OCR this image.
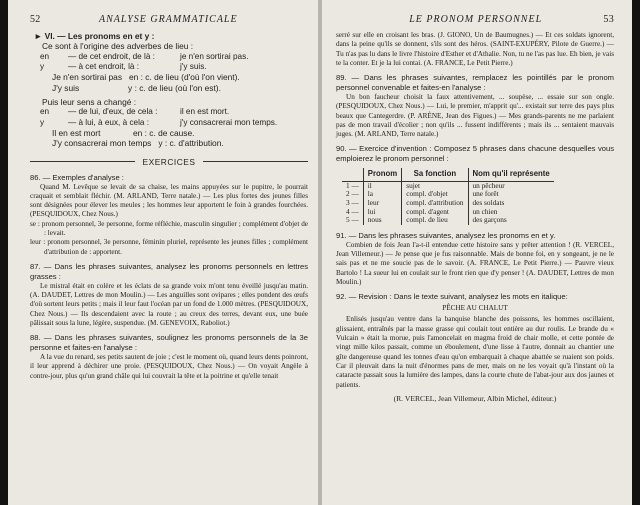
52	ANALYSE GRAMMATICALE
► VI. — Les pronoms en et y :
Ce sont à l'origine des adverbes de lieu :
en	— de cet endroit, de là :	je n'en sortirai pas.
y	— à cet endroit, là :	j'y suis.
Je n'en sortirai pas   en : c. de lieu (d'où l'on vient).
J'y suis                     y : c. de lieu (où l'on est).
Puis leur sens a changé :
en	— de lui, d'eux, de cela :	il en est mort.
y	— à lui, à eux, à cela :	j'y consacrerai mon temps.
Il en est mort              en : c. de cause.
J'y consacrerai mon temps   y : c. d'attribution.
EXERCICES
86. — Exemples d'analyse :
Quand M. Levêque se levait de sa chaise, les mains appuyées sur le pupitre, le pourrait craquait et semblait fléchir. (M. ARLAND, Terre natale.) — Les plus fortes des jeunes filles sont désignées pour élever les meules ; les hommes leur apportent le foin à grandes fourchées. (PESQUIDOUX, Chez Nous.)
se : pronom personnel, 3e personne, forme réfléchie, masculin singulier ; complément d'objet de : levait.
leur : pronom personnel, 3e personne, féminin pluriel, représente les jeunes filles ; complément d'attribution de : apportent.
87. — Dans les phrases suivantes, analysez les pronoms personnels en lettres grasses :
Le mistral était en colère et les éclats de sa grande voix m'ont tenu éveillé jusqu'au matin. (A. DAUDET, Lettres de mon Moulin.) — Les anguilles sont ovipares ; elles pondent des œufs d'où sortent leurs petits ; mais il leur faut l'océan par un fond de 1.000 mètres. (PESQUIDOUX, Chez Nous.) — Ils descendaient avec la route ; au creux des terres, devant eux, une buée pâlissait sous la lune, légère, suspendue. (M. GENEVOIX, Raboliot.)
88. — Dans les phrases suivantes, soulignez les pronoms personnels de la 3e personne et faites-en l'analyse :
A la vue du renard, ses petits sautent de joie ; c'est le moment où, quand leurs dents poinront, il leur apprend à déchirer une proie. (PESQUIDOUX, Chez Nous.) — On voyait Angèle à contre-jour, plus qu'un grand châle qui lui couvrait la tête et la poitrine et qu'elle tenait
LE PRONOM PERSONNEL	53
serré sur elle en croisant les bras. (J. GIONO, Un de Baumugnes.) — Et ces soldats ignorent, dans la peine qu'ils se donnent, s'ils sont des héros. (SAINT-EXUPÉRY, Pilote de Guerre.) — Tu n'as pas lu dans le livre l'histoire d'Esther et d'Athalie. Non, tu ne l'as pas lue. Eh bien, je vais te la conter. Et je la lui contai. (A. FRANCE, Le Petit Pierre.)
89. — Dans les phrases suivantes, remplacez les pointillés par le pronom personnel convenable et faites-en l'analyse :
Un bon faucheur choisit la faux attentivement, ... soupèse, ... essaie sur son ongle. (PESQUIDOUX, Chez Nous.) — Lui, le premier, m'apprit qu'... existait sur terre des pays plus beaux que Cantegerdre. (P. ARÈNE, Jean des Figues.) — Mes grands-parents ne me parlaient pas de mon travail d'écolier ; non qu'ils ... fussent indifférents ; mais ils ... sentaient mauvais juges. (M. ARLAND, Terre natale.)
90. — Exercice d'invention : Composez 5 phrases dans chacune desquelles vous emploierez le pronom personnel :
	Pronom	Sa fonction	Nom qu'il représente
1 —	il	sujet	un pêcheur
2 —	la	compl. d'objet	une forêt
3 —	leur	compl. d'attribution	des soldats
4 —	lui	compl. d'agent	un chien
5 —	nous	compl. de lieu	des garçons
91. — Dans les phrases suivantes, analysez les pronoms en et y.
Combien de fois Jean l'a-t-il entendue cette histoire sans y prêter attention ! (R. VERCEL, Jean Villemeur.) — Je pense que je fus raisonnable. Mais de bonne foi, en y songeant, je ne le sais pas et ne me soucie pas de le savoir. (A. FRANCE, Le Petit Pierre.) — Pauvre vieux Bartolo ! La sueur lui en coulait sur le front rien que d'y penser ! (A. DAUDET, Lettres de mon Moulin.)
92. — Revision : Dans le texte suivant, analysez les mots en italique:
PÊCHE AU CHALUT
Enlisés jusqu'au ventre dans la banquise blanche des poissons, les hommes oscillaient, glissaient, entraînés par la masse grasse qui coulait tout entière au dur roulis. Le brande du « Vulcain » était la morue, puis l'amoncelait en magma froid de chair molle, et cette pontée de vingt mille kilos passait, comme un éboulement, d'une lisse à l'autre, donnait au chantier une gîte dangereuse quand les tonnes d'eau qu'on embarquait à chaque abattée se ruaient son poids. Car il pleuvait dans la nuit d'énormes pans de mer, mais on ne les voyait qu'à l'instant où la cataracte passait sous la lumière des lampes, dans la courte chute de l'abat-jour aux dos jaunes et patients.
(R. VERCEL, Jean Villemeur, Albin Michel, éditeur.)
